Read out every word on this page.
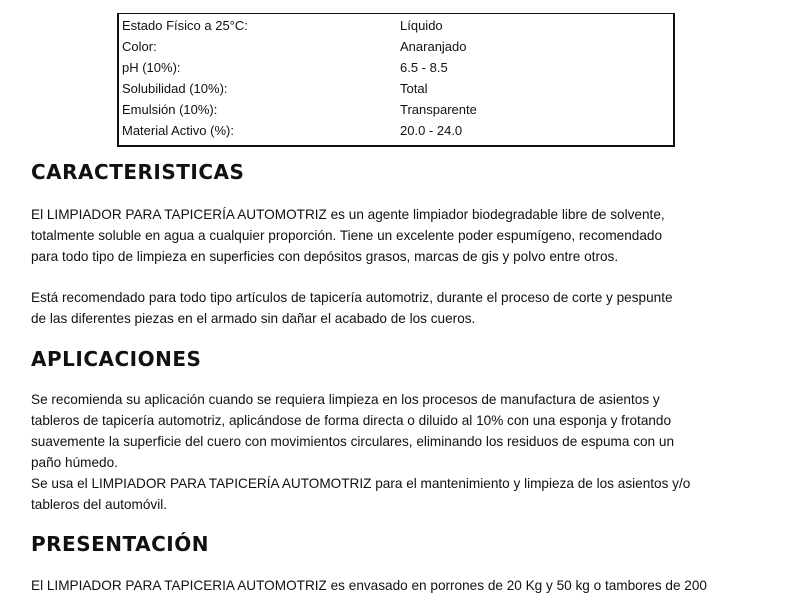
Estado Físico a 25°C:	Líquido
Color:	Anaranjado
pH (10%):	6.5 - 8.5
Solubilidad (10%):	Total
Emulsión (10%):	Transparente
Material Activo (%):	20.0 - 24.0
CARACTERISTICAS
El LIMPIADOR PARA TAPICERÍA AUTOMOTRIZ es un agente limpiador biodegradable libre de solvente,
totalmente soluble en agua a cualquier proporción. Tiene un excelente poder espumígeno, recomendado
para todo tipo de limpieza en superficies con depósitos grasos, marcas de gis y polvo entre otros.
Está recomendado para todo tipo artículos de tapicería automotriz, durante el proceso de corte y pespunte
de las diferentes piezas en el armado sin dañar el acabado de los cueros.
APLICACIONES
Se recomienda su aplicación cuando se requiera limpieza en los procesos de manufactura de asientos y
tableros de tapicería automotriz, aplicándose de forma directa o diluido al 10% con una esponja y frotando
suavemente la superficie del cuero con movimientos circulares, eliminando los residuos de espuma con un
paño húmedo.
Se usa el LIMPIADOR PARA TAPICERÍA AUTOMOTRIZ para el mantenimiento y limpieza de los asientos y/o
tableros del automóvil.
PRESENTACIÓN
El LIMPIADOR PARA TAPICERIA AUTOMOTRIZ es envasado en porrones de 20 Kg y 50 kg o tambores de 200
